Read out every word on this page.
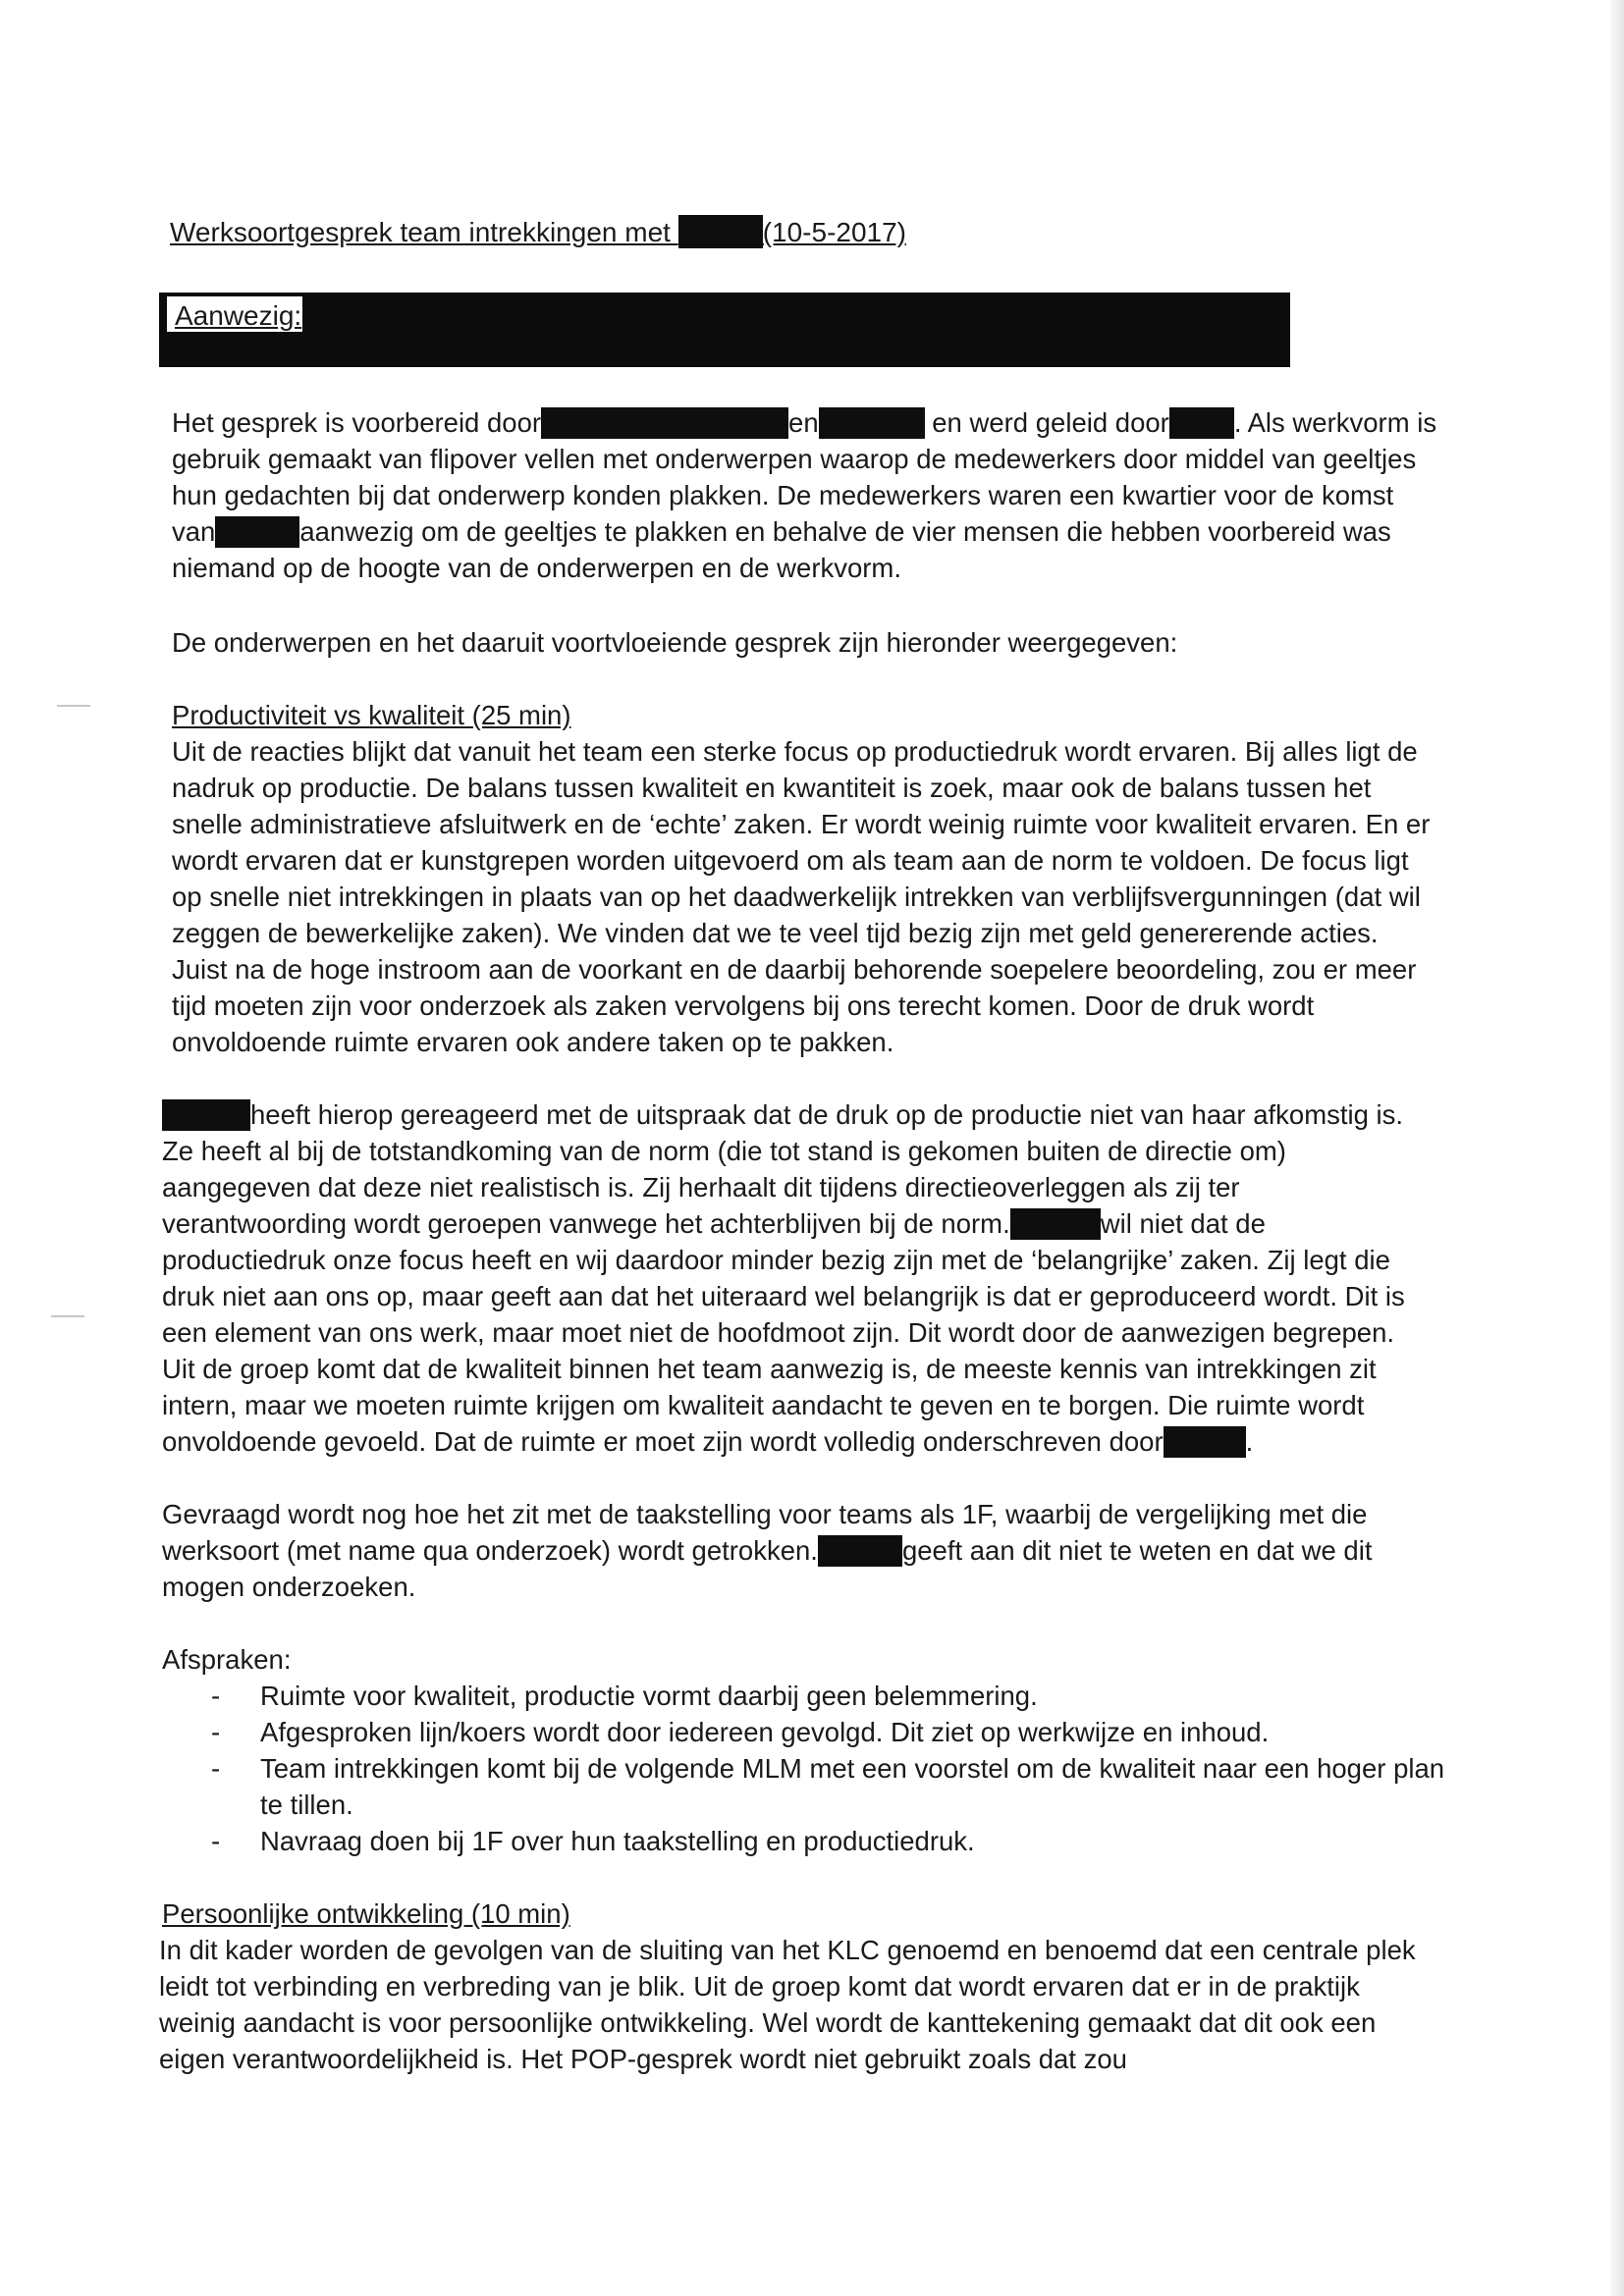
Werksoortgesprek team intrekkingen met	(10-5-2017)
Aanwezig:

Het gesprek is voorbereid door	en	en werd geleid door . Als werkvorm is gebruik gemaakt van flipover vellen met onderwerpen waarop de medewerkers door middel van geeltjes hun gedachten bij dat onderwerp konden plakken. De medewerkers waren een kwartier voor de komst van	aanwezig om de geeltjes te plakken en behalve de vier mensen die hebben voorbereid was niemand op de hoogte van de onderwerpen en de werkvorm.

De onderwerpen en het daaruit voortvloeiende gesprek zijn hieronder weergegeven:

Productiviteit vs kwaliteit (25 min)

Uit de reacties blijkt dat vanuit het team een sterke focus op productiedruk wordt ervaren. Bij alles ligt de nadruk op productie. De balans tussen kwaliteit en kwantiteit is zoek, maar ook de balans tussen het snelle administratieve afsluitwerk en de ‘echte’ zaken. Er wordt weinig ruimte voor kwaliteit ervaren. En er wordt ervaren dat er kunstgrepen worden uitgevoerd om als team aan de norm te voldoen. De focus ligt op snelle niet intrekkingen in plaats van op het daadwerkelijk intrekken van verblijfsvergunningen (dat wil zeggen de bewerkelijke zaken). We vinden dat we te veel tijd bezig zijn met geld genererende acties. Juist na de hoge instroom aan de voorkant en de daarbij behorende soepelere beoordeling, zou er meer tijd moeten zijn voor onderzoek als zaken vervolgens bij ons terecht komen. Door de druk wordt onvoldoende ruimte ervaren ook andere taken op te pakken.

heeft hierop gereageerd met de uitspraak dat de druk op de productie niet van haar afkomstig is. Ze heeft al bij de totstandkoming van de norm (die tot stand is gekomen buiten de directie om) aangegeven dat deze niet realistisch is. Zij herhaalt dit tijdens directieoverleggen als zij ter verantwoording wordt geroepen vanwege het achterblijven bij de norm.	wil niet dat de productiedruk onze focus heeft en wij daardoor minder bezig zijn met de ‘belangrijke’ zaken. Zij legt die druk niet aan ons op, maar geeft aan dat het uiteraard wel belangrijk is dat er geproduceerd wordt. Dit is een element van ons werk, maar moet niet de hoofdmoot zijn. Dit wordt door de aanwezigen begrepen. Uit de groep komt dat de kwaliteit binnen het team aanwezig is, de meeste kennis van intrekkingen zit intern, maar we moeten ruimte krijgen om kwaliteit aandacht te geven en te borgen. Die ruimte wordt onvoldoende gevoeld. Dat de ruimte er moet zijn wordt volledig onderschreven door	.

Gevraagd wordt nog hoe het zit met de taakstelling voor teams als 1F, waarbij de vergelijking met die werksoort (met name qua onderzoek) wordt getrokken.	geeft aan dit niet te weten en dat we dit mogen onderzoeken.

Afspraken:

- Ruimte voor kwaliteit, productie vormt daarbij geen belemmering.
- Afgesproken lijn/koers wordt door iedereen gevolgd. Dit ziet op werkwijze en inhoud.
- Team intrekkingen komt bij de volgende MLM met een voorstel om de kwaliteit naar een hoger plan te tillen.
- Navraag doen bij 1F over hun taakstelling en productiedruk.

Persoonlijke ontwikkeling (10 min)

In dit kader worden de gevolgen van de sluiting van het KLC genoemd en benoemd dat een centrale plek leidt tot verbinding en verbreding van je blik. Uit de groep komt dat wordt ervaren dat er in de praktijk weinig aandacht is voor persoonlijke ontwikkeling. Wel wordt de kanttekening gemaakt dat dit ook een eigen verantwoordelijkheid is. Het POP-gesprek wordt niet gebruikt zoals dat zou
